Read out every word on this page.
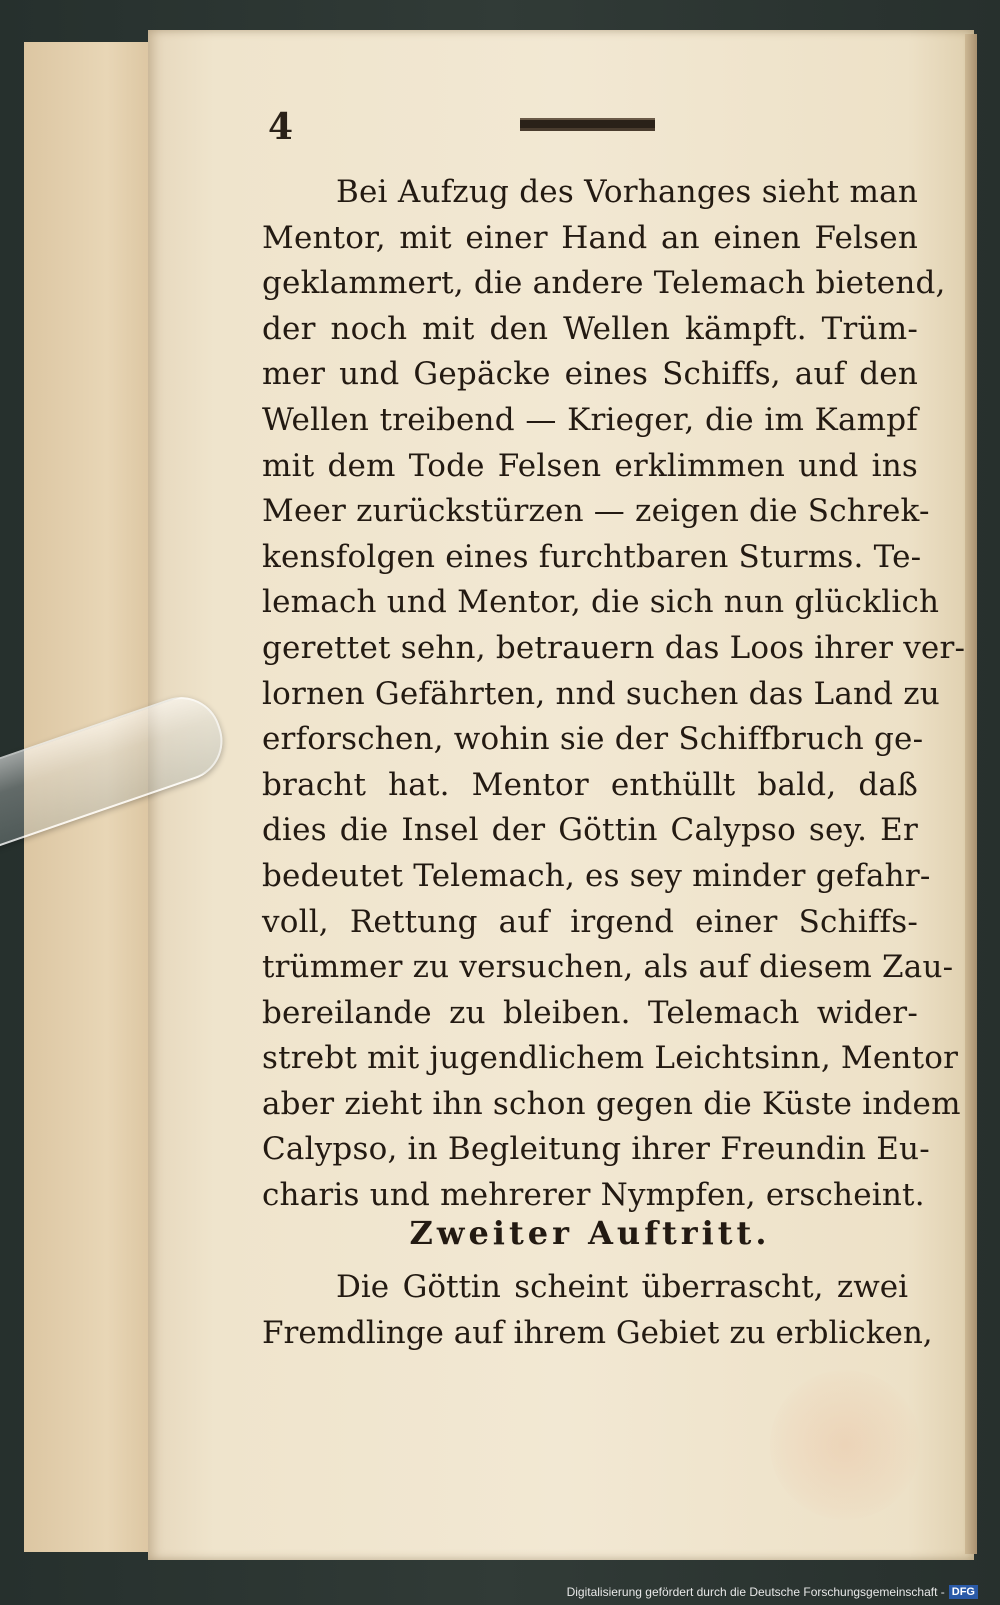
4
Bei Aufzug des Vorhanges sieht man
Mentor, mit einer Hand an einen Felsen
geklammert, die andere Telemach bietend,
der noch mit den Wellen kämpft. Trüm-
mer und Gepäcke eines Schiffs, auf den
Wellen treibend — Krieger, die im Kampf
mit dem Tode Felsen erklimmen und ins
Meer zurückstürzen — zeigen die Schrek-
kensfolgen eines furchtbaren Sturms. Te-
lemach und Mentor, die sich nun glücklich
gerettet sehn, betrauern das Loos ihrer ver-
lornen Gefährten, nnd suchen das Land zu
erforschen, wohin sie der Schiffbruch ge-
bracht hat. Mentor enthüllt bald, daß
dies die Insel der Göttin Calypso sey. Er
bedeutet Telemach, es sey minder gefahr-
voll, Rettung auf irgend einer Schiffs-
trümmer zu versuchen, als auf diesem Zau-
bereilande zu bleiben. Telemach wider-
strebt mit jugendlichem Leichtsinn, Mentor
aber zieht ihn schon gegen die Küste indem
Calypso, in Begleitung ihrer Freundin Eu-
charis und mehrerer Nympfen, erscheint.
Zweiter Auftritt.
Die Göttin scheint überrascht, zwei
Fremdlinge auf ihrem Gebiet zu erblicken,
Digitalisierung gefördert durch die Deutsche Forschungsgemeinschaft - DFG
